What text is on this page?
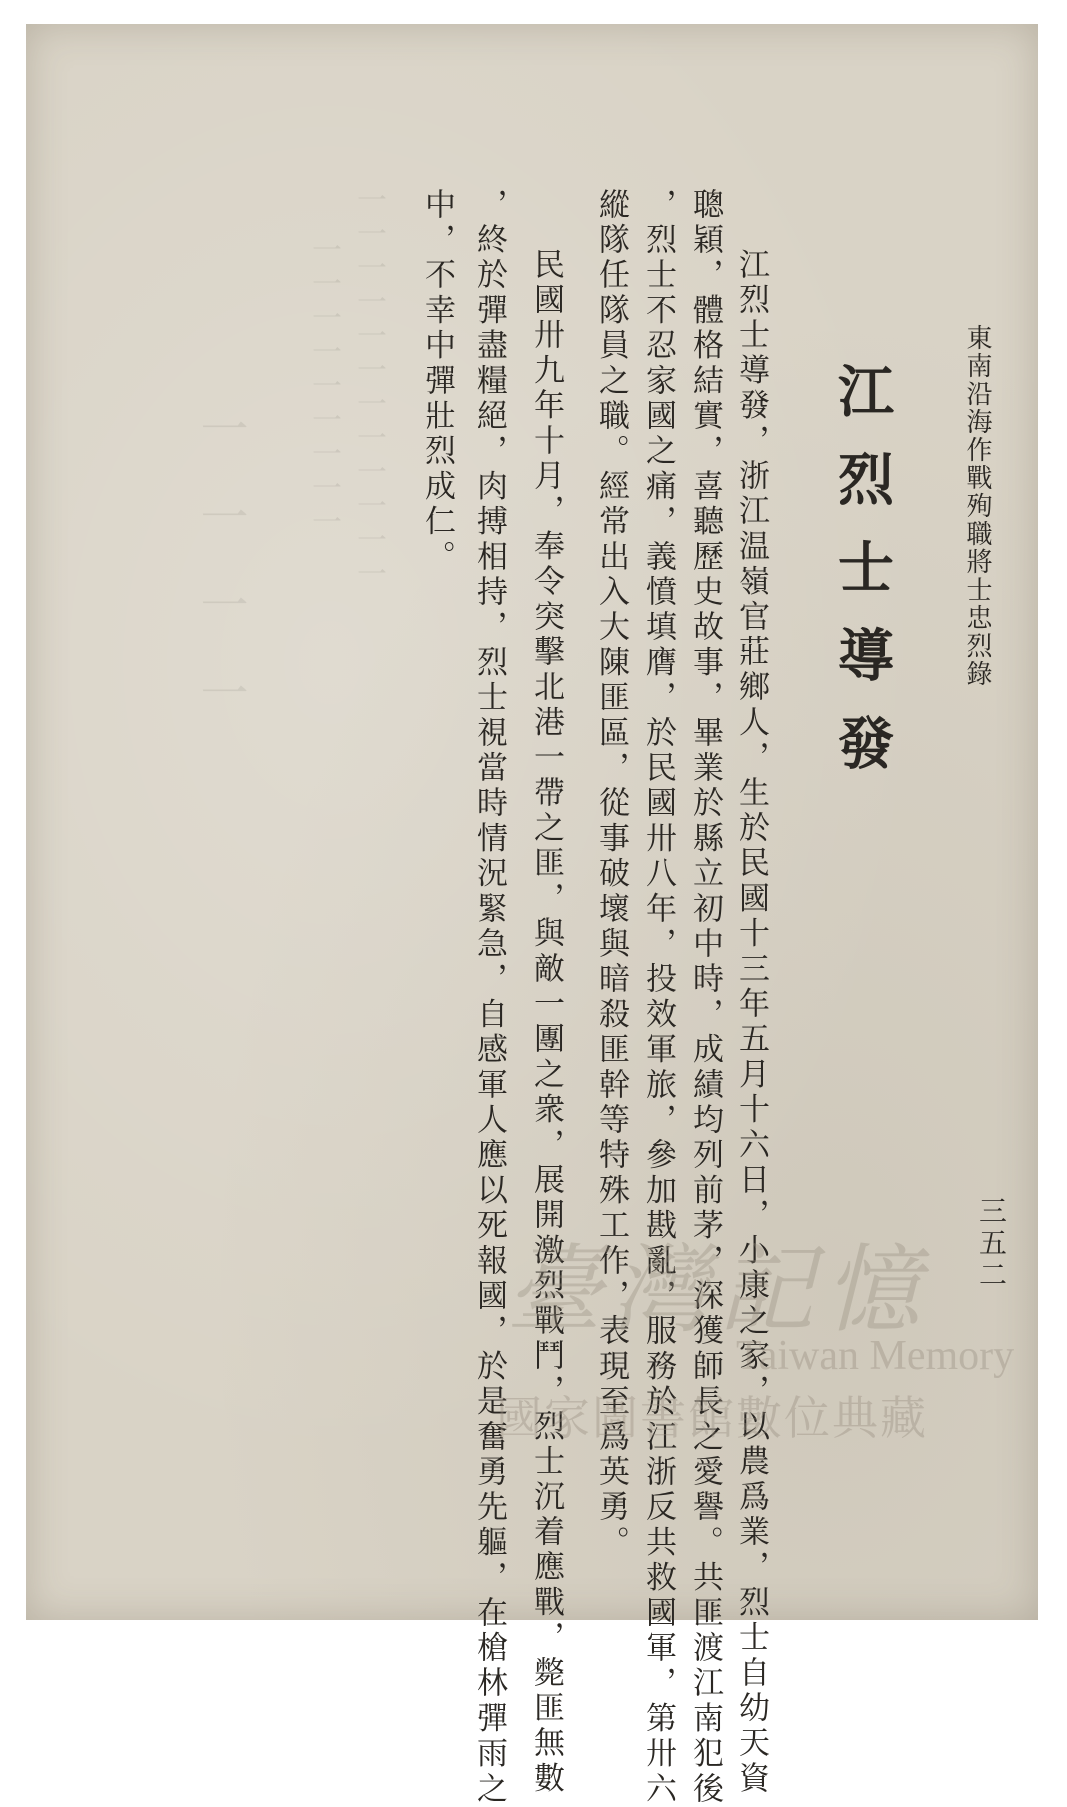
一一一一一一一一一一一一
一一一一一一一一一
一一一一	東南沿海作戰殉職將士忠烈錄
三五二
江烈士導發
江烈士導發，浙江温嶺官莊鄉人，生於民國十三年五月十六日，小康之家，以農爲業，烈士自幼天資
聰穎，體格結實，喜聽歷史故事，畢業於縣立初中時，成績均列前茅，深獲師長之愛譽。共匪渡江南犯後
，烈士不忍家國之痛，義憤填膺，於民國卅八年，投效軍旅，參加戡亂，服務於江浙反共救國軍，第卅六
縱隊任隊員之職。經常出入大陳匪區，從事破壞與暗殺匪幹等特殊工作，表現至爲英勇。
民國卅九年十月，奉令突擊北港一帶之匪，與敵一團之衆，展開激烈戰鬥，烈士沉着應戰，斃匪無數
，終於彈盡糧絕，肉搏相持，烈士視當時情況緊急，自感軍人應以死報國，於是奮勇先軀，在槍林彈雨之
中，不幸中彈壯烈成仁。
臺灣記憶
Taiwan Memory
國家圖書館數位典藏
